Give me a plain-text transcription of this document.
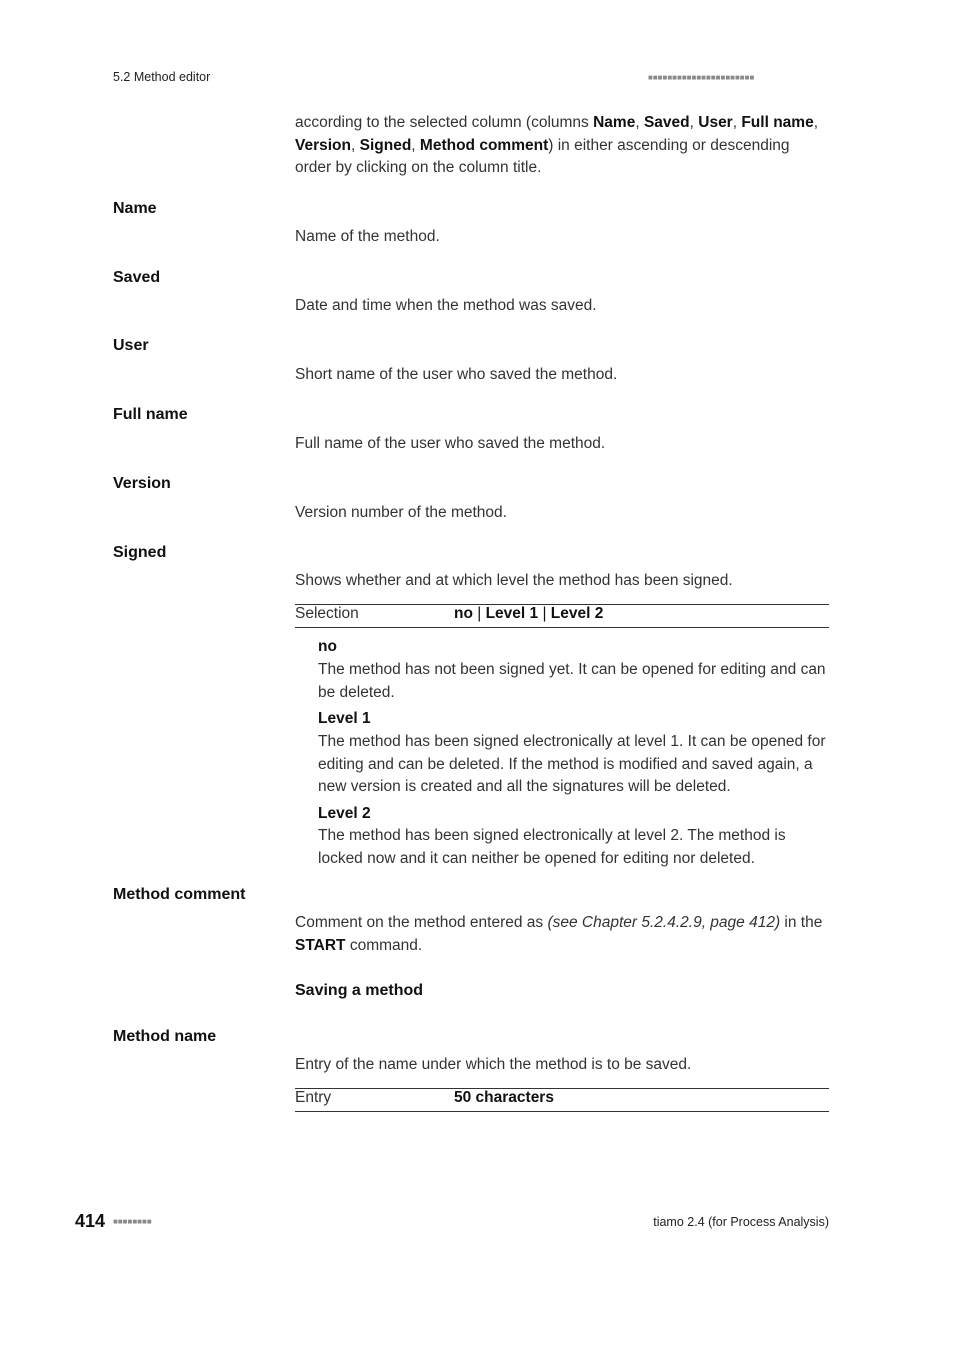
5.2 Method editor	■■■■■■■■■■■■■■■■■■■■■■
according to the selected column (columns Name, Saved, User, Full name, Version, Signed, Method comment) in either ascending or descending order by clicking on the column title.
Name
Name of the method.
Saved
Date and time when the method was saved.
User
Short name of the user who saved the method.
Full name
Full name of the user who saved the method.
Version
Version number of the method.
Signed
Shows whether and at which level the method has been signed.
Selection	no | Level 1 | Level 2
no
The method has not been signed yet. It can be opened for editing and can be deleted.
Level 1
The method has been signed electronically at level 1. It can be opened for editing and can be deleted. If the method is modified and saved again, a new version is created and all the signatures will be deleted.
Level 2
The method has been signed electronically at level 2. The method is locked now and it can neither be opened for editing nor deleted.
Method comment
Comment on the method entered as (see Chapter 5.2.4.2.9, page 412) in the START command.
Saving a method
Method name
Entry of the name under which the method is to be saved.
Entry	50 characters
414 ■■■■■■■■	tiamo 2.4 (for Process Analysis)
